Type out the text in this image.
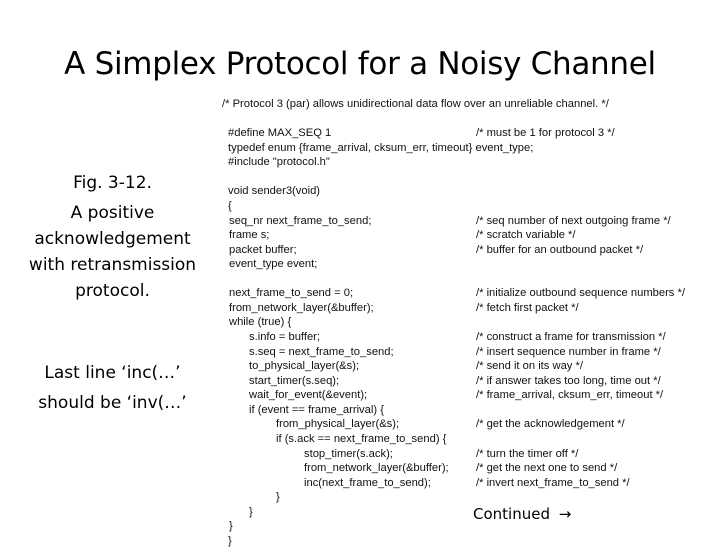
A Simplex Protocol for a Noisy Channel
Fig. 3-12.
A positive
acknowledgement
with retransmission
protocol.
Last line ‘inc(…’
should be ‘inv(…’
/* Protocol 3 (par) allows unidirectional data flow over an unreliable channel. */
#define MAX_SEQ 1	/* must be 1 for protocol 3 */
typedef enum {frame_arrival, cksum_err, timeout} event_type;
#include "protocol.h"
void sender3(void)
{
seq_nr next_frame_to_send;	/* seq number of next outgoing frame */
frame s;	/* scratch variable */
packet buffer;	/* buffer for an outbound packet */
event_type event;
next_frame_to_send = 0;	/* initialize outbound sequence numbers */
from_network_layer(&buffer);	/* fetch first packet */
while (true) {
s.info = buffer;	/* construct a frame for transmission */
s.seq = next_frame_to_send;	/* insert sequence number in frame */
to_physical_layer(&s);	/* send it on its way */
start_timer(s.seq);	/* if answer takes too long, time out */
wait_for_event(&event);	/* frame_arrival, cksum_err, timeout */
if (event == frame_arrival) {
from_physical_layer(&s);	/* get the acknowledgement */
if (s.ack == next_frame_to_send) {
stop_timer(s.ack);	/* turn the timer off */
from_network_layer(&buffer); /* get the next one to send */
inc(next_frame_to_send);	/* invert next_frame_to_send */
}
}
}
}
Continued →
